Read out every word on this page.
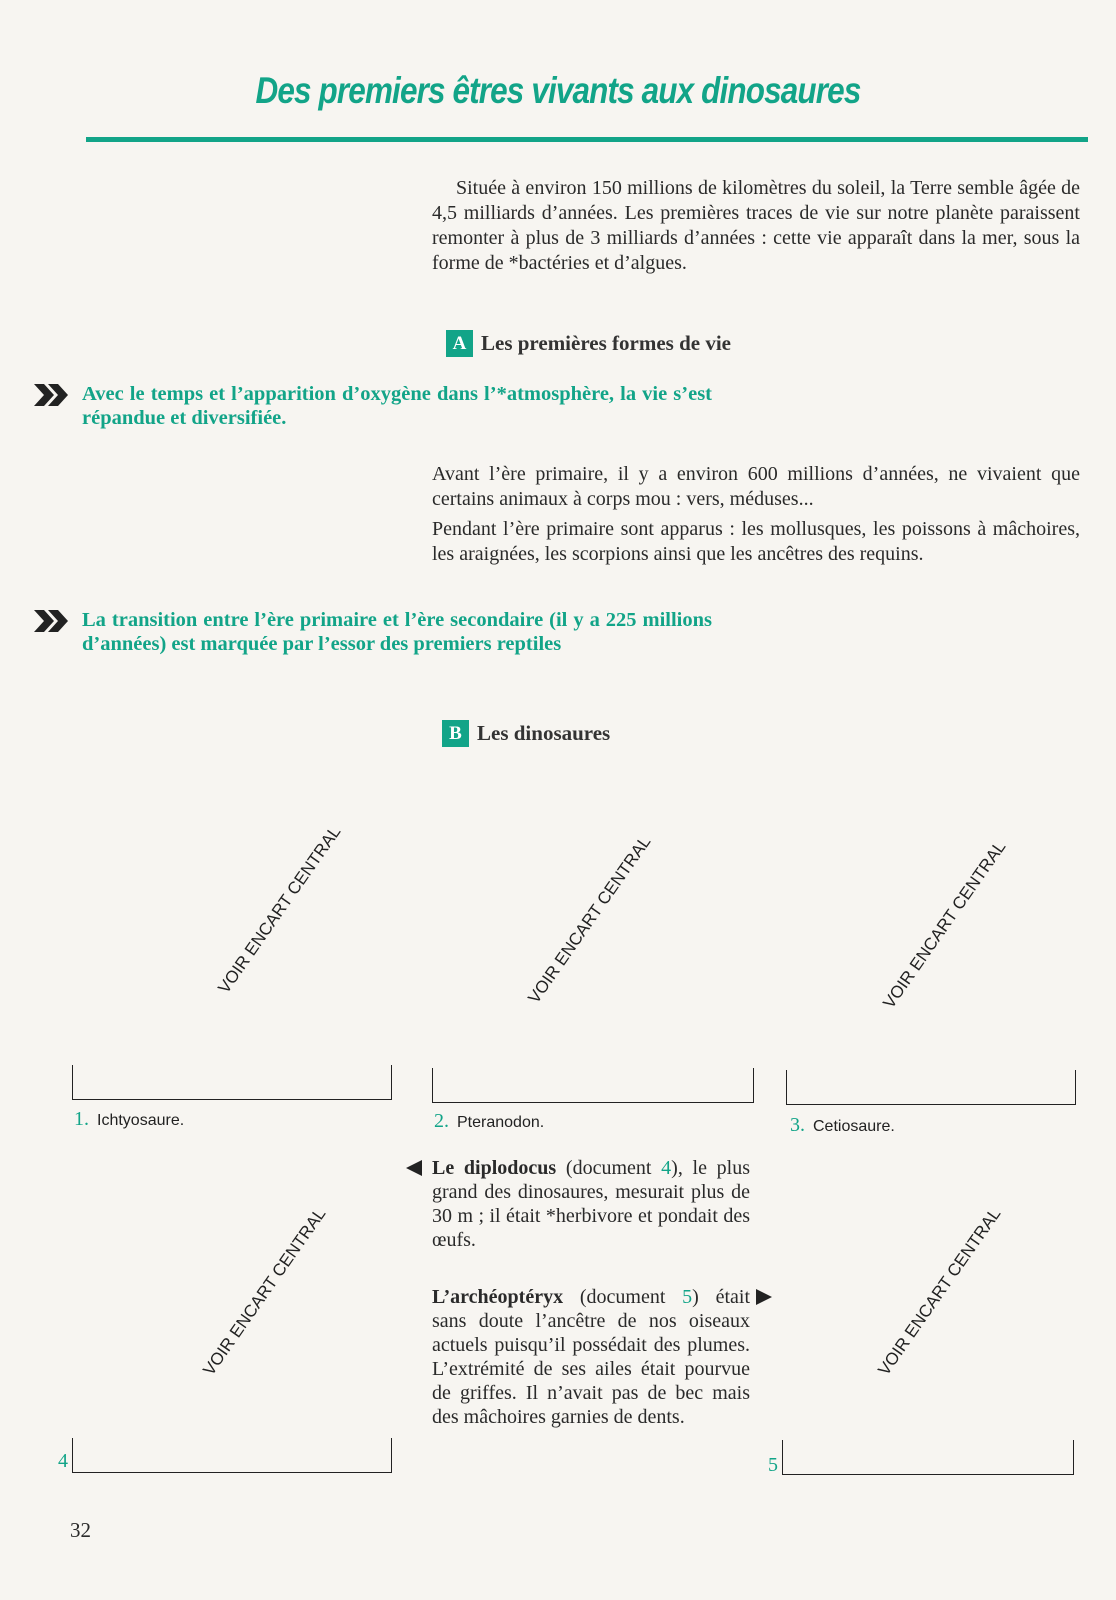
Des premiers êtres vivants aux dinosaures

Située à environ 150 millions de kilomètres du soleil, la Terre semble âgée de 4,5 milliards d’années. Les premières traces de vie sur notre planète paraissent remonter à plus de 3 milliards d’années : cette vie apparaît dans la mer, sous la forme de *bactéries et d’algues.

A Les premières formes de vie
Avec le temps et l’apparition d’oxygène dans l’*atmosphère, la vie s’est répandue et diversifiée.

Avant l’ère primaire, il y a environ 600 millions d’années, ne vivaient que certains animaux à corps mou : vers, méduses...

Pendant l’ère primaire sont apparus : les mollusques, les poissons à mâchoires, les araignées, les scorpions ainsi que les ancêtres des requins.

La transition entre l’ère primaire et l’ère secondaire (il y a 225 millions d’années) est marquée par l’essor des premiers reptiles
B Les dinosaures
VOIR ENCART CENTRAL
1. Ichtyosaure.
VOIR ENCART CENTRAL
2. Pteranodon.
VOIR ENCART CENTRAL
3. Cetiosaure.

Le diplodocus (document 4), le plus grand des dinosaures, mesurait plus de 30 m ; il était *herbivore et pondait des œufs.

L’archéoptéryx (document 5) était sans doute l’ancêtre de nos oiseaux actuels puisqu’il possédait des plumes. L’extrémité de ses ailes était pourvue de griffes. Il n’avait pas de bec mais des mâchoires garnies de dents.

VOIR ENCART CENTRAL
4
VOIR ENCART CENTRAL
5
32
